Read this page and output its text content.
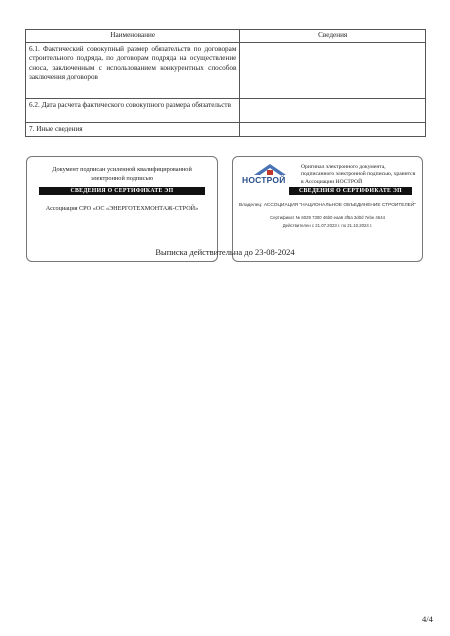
Наименование	Сведения
6.1. Фактический совокупный размер обязательств по договорам строительного подряда, по договорам подряда на осуществление сноса, заключенным с использованием конкурентных способов заключения договоров	
6.2. Дата расчета фактического совокупного размера обязательств	
7. Иные сведения	
Документ подписан усиленной квалифицированной электронной подписью
СВЕДЕНИЯ О СЕРТИФИКАТЕ ЭП
Ассоциация СРО «ОС «ЭНЕРГОТЕХМОНТАЖ-СТРОЙ»
НОСТРОЙ
Оригинал электронного документа, подписанного электронной подписью, хранится в Ассоциации НОСТРОЙ
СВЕДЕНИЯ О СЕРТИФИКАТЕ ЭП
Владелец: АССОЦИАЦИЯ "НАЦИОНАЛЬНОЕ ОБЪЕДИНЕНИЕ СТРОИТЕЛЕЙ"
Сертификат № 6029 7300 46b0 eaa6 4f5a 3d0d 7ebe 4644
Действителен с 21.07.2023 г. по 21.10.2024 г.
Выписка действительна до 23-08-2024
4/4
